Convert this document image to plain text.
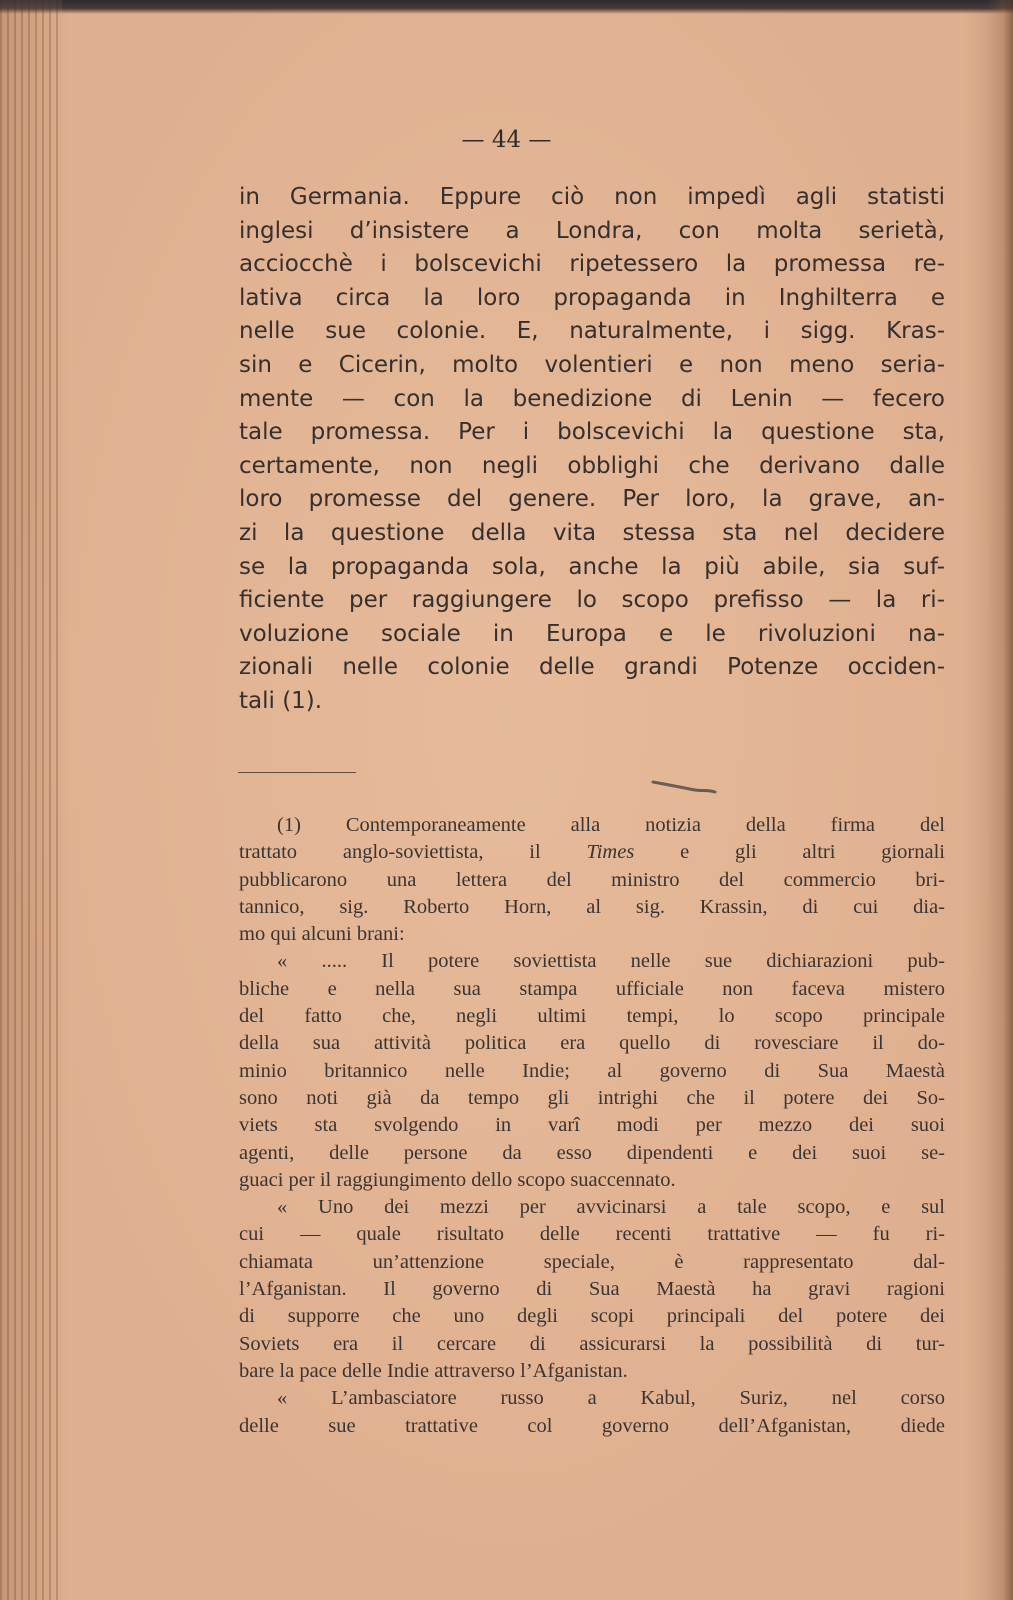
— 44 —
in Germania. Eppure ciò non impedì agli statisti
inglesi d’insistere a Londra, con molta serietà,
acciocchè i bolscevichi ripetessero la promessa re-
lativa circa la loro propaganda in Inghilterra e
nelle sue colonie. E, naturalmente, i sigg. Kras-
sin e Cicerin, molto volentieri e non meno seria-
mente — con la benedizione di Lenin — fecero
tale promessa. Per i bolscevichi la questione sta,
certamente, non negli obblighi che derivano dalle
loro promesse del genere. Per loro, la grave, an-
zi la questione della vita stessa sta nel decidere
se la propaganda sola, anche la più abile, sia suf-
ficiente per raggiungere lo scopo prefisso — la ri-
voluzione sociale in Europa e le rivoluzioni na-
zionali nelle colonie delle grandi Potenze occiden-
tali (1).
(1) Contemporaneamente alla notizia della firma del
trattato anglo-soviettista, il Times e gli altri giornali
pubblicarono una lettera del ministro del commercio bri-
tannico, sig. Roberto Horn, al sig. Krassin, di cui dia-
mo qui alcuni brani:
« ..... Il potere soviettista nelle sue dichiarazioni pub-
bliche e nella sua stampa ufficiale non faceva mistero
del fatto che, negli ultimi tempi, lo scopo principale
della sua attività politica era quello di rovesciare il do-
minio britannico nelle Indie; al governo di Sua Maestà
sono noti già da tempo gli intrighi che il potere dei So-
viets sta svolgendo in varî modi per mezzo dei suoi
agenti, delle persone da esso dipendenti e dei suoi se-
guaci per il raggiungimento dello scopo suaccennato.
« Uno dei mezzi per avvicinarsi a tale scopo, e sul
cui — quale risultato delle recenti trattative — fu ri-
chiamata un’attenzione speciale, è rappresentato dal-
l’Afganistan. Il governo di Sua Maestà ha gravi ragioni
di supporre che uno degli scopi principali del potere dei
Soviets era il cercare di assicurarsi la possibilità di tur-
bare la pace delle Indie attraverso l’Afganistan.
« L’ambasciatore russo a Kabul, Suriz, nel corso
delle sue trattative col governo dell’Afganistan, diede
